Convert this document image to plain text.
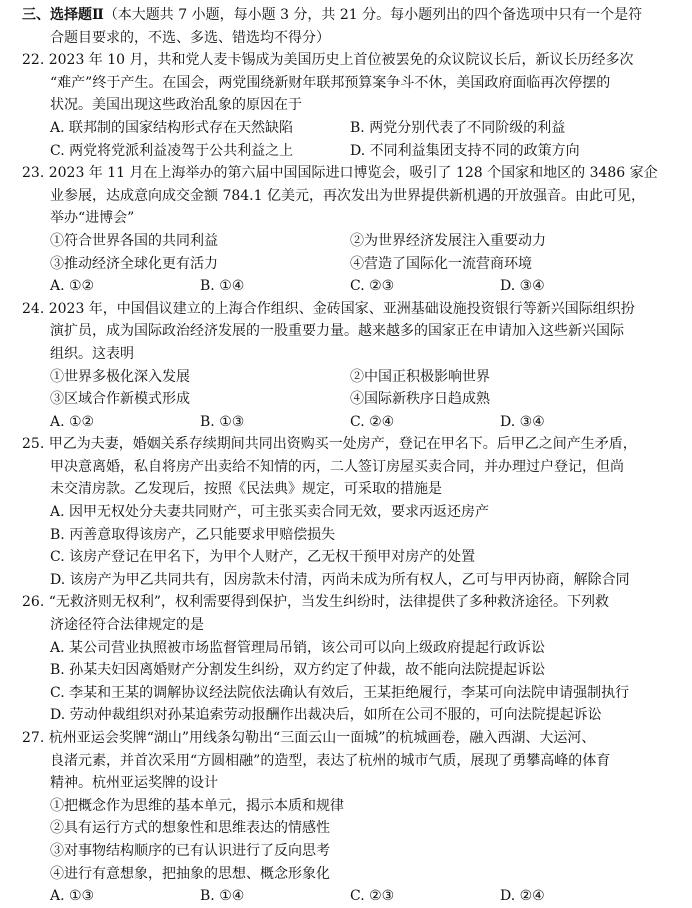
三、选择题Ⅱ（本大题共 7 小题，每小题 3 分，共 21 分。每小题列出的四个备选项中只有一个是符
合题目要求的，不选、多选、错选均不得分）
22. 2023 年 10 月，共和党人麦卡锡成为美国历史上首位被罢免的众议院议长后，新议长历经多次
“难产”终于产生。在国会，两党围绕新财年联邦预算案争斗不休，美国政府面临再次停摆的
状况。美国出现这些政治乱象的原因在于
A. 联邦制的国家结构形式存在天然缺陷	B. 两党分别代表了不同阶级的利益
C. 两党将党派利益凌驾于公共利益之上	D. 不同利益集团支持不同的政策方向
23. 2023 年 11 月在上海举办的第六届中国国际进口博览会，吸引了 128 个国家和地区的 3486 家企
业参展，达成意向成交金额 784.1 亿美元，再次发出为世界提供新机遇的开放强音。由此可见，
举办“进博会”
①符合世界各国的共同利益	②为世界经济发展注入重要动力
③推动经济全球化更有活力	④营造了国际化一流营商环境
A. ①②	B. ①④	C. ②③	D. ③④
24. 2023 年，中国倡议建立的上海合作组织、金砖国家、亚洲基础设施投资银行等新兴国际组织扮
演扩员，成为国际政治经济发展的一股重要力量。越来越多的国家正在申请加入这些新兴国际
组织。这表明
①世界多极化深入发展	②中国正积极影响世界
③区域合作新模式形成	④国际新秩序日趋成熟
A. ①②	B. ①③	C. ②④	D. ③④
25. 甲乙为夫妻，婚姻关系存续期间共同出资购买一处房产，登记在甲名下。后甲乙之间产生矛盾，
甲决意离婚，私自将房产出卖给不知情的丙，二人签订房屋买卖合同，并办理过户登记，但尚
未交清房款。乙发现后，按照《民法典》规定，可采取的措施是
A. 因甲无权处分夫妻共同财产，可主张买卖合同无效，要求丙返还房产
B. 丙善意取得该房产，乙只能要求甲赔偿损失
C. 该房产登记在甲名下，为甲个人财产，乙无权干预甲对房产的处置
D. 该房产为甲乙共同共有，因房款未付清，丙尚未成为所有权人，乙可与甲丙协商，解除合同
26. “无救济则无权利”，权利需要得到保护，当发生纠纷时，法律提供了多种救济途径。下列救
济途径符合法律规定的是
A. 某公司营业执照被市场监督管理局吊销，该公司可以向上级政府提起行政诉讼
B. 孙某夫妇因离婚财产分割发生纠纷，双方约定了仲裁，故不能向法院提起诉讼
C. 李某和王某的调解协议经法院依法确认有效后，王某拒绝履行，李某可向法院申请强制执行
D. 劳动仲裁组织对孙某追索劳动报酬作出裁决后，如所在公司不服的，可向法院提起诉讼
27. 杭州亚运会奖牌“湖山”用线条勾勒出“三面云山一面城”的杭城画卷，融入西湖、大运河、
良渚元素，并首次采用“方圆相融”的造型，表达了杭州的城市气质，展现了勇攀高峰的体育
精神。杭州亚运奖牌的设计
①把概念作为思维的基本单元，揭示本质和规律
②具有运行方式的想象性和思维表达的情感性
③对事物结构顺序的已有认识进行了反向思考
④进行有意想象，把抽象的思想、概念形象化
A. ①③	B. ①④	C. ②③	D. ②④
